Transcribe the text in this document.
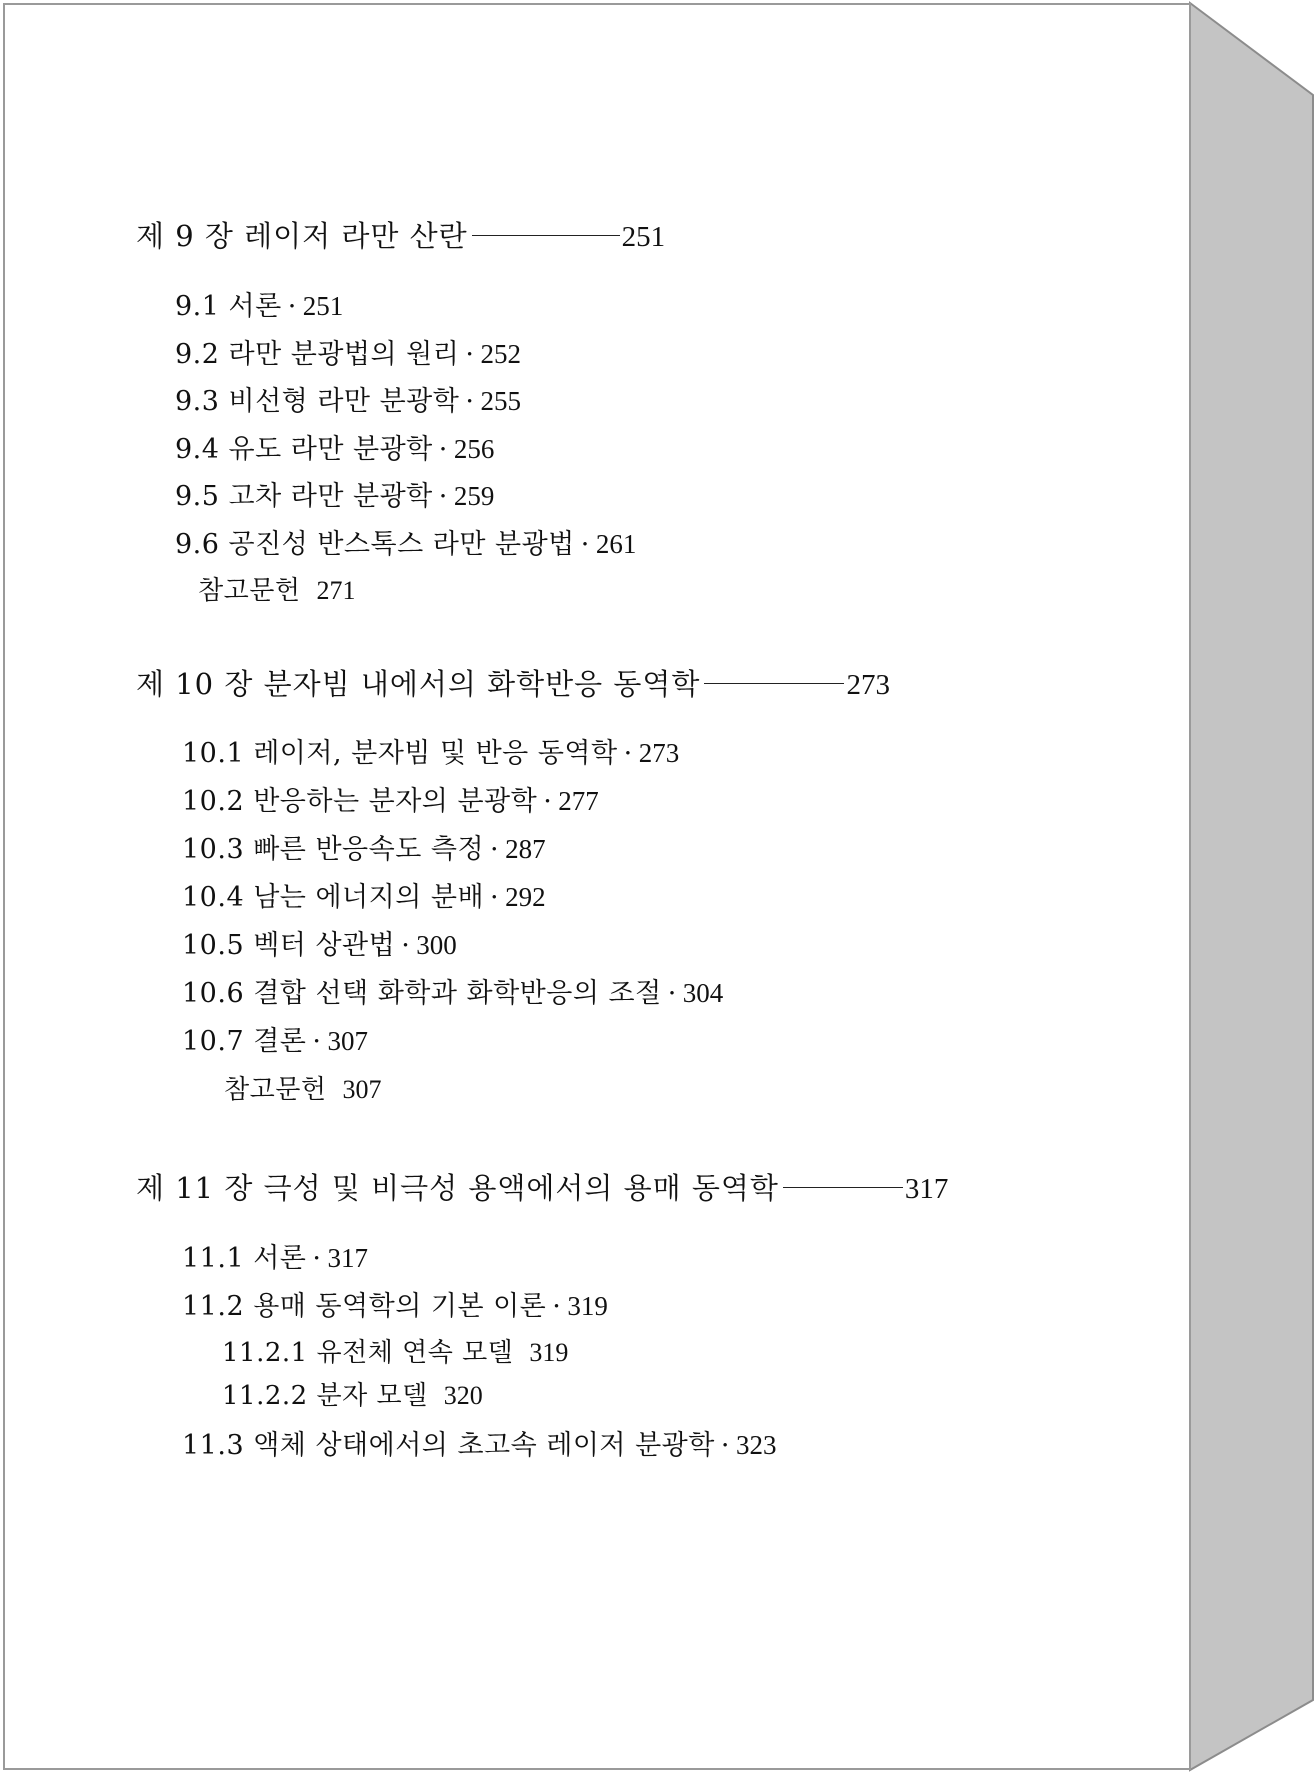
제 9 장 레이저 라만 산란	251
9.1 서론 · 251
9.2 라만 분광법의 원리 · 252
9.3 비선형 라만 분광학 · 255
9.4 유도 라만 분광학 · 256
9.5 고차 라만 분광학 · 259
9.6 공진성 반스톡스 라만 분광법 · 261
참고문헌 271
제 10 장 분자빔 내에서의 화학반응 동역학	273
10.1 레이저, 분자빔 및 반응 동역학 · 273
10.2 반응하는 분자의 분광학 · 277
10.3 빠른 반응속도 측정 · 287
10.4 남는 에너지의 분배 · 292
10.5 벡터 상관법 · 300
10.6 결합 선택 화학과 화학반응의 조절 · 304
10.7 결론 · 307
참고문헌 307
제 11 장 극성 및 비극성 용액에서의 용매 동역학	317
11.1 서론 · 317
11.2 용매 동역학의 기본 이론 · 319
11.2.1 유전체 연속 모델 319
11.2.2 분자 모델 320
11.3 액체 상태에서의 초고속 레이저 분광학 · 323
